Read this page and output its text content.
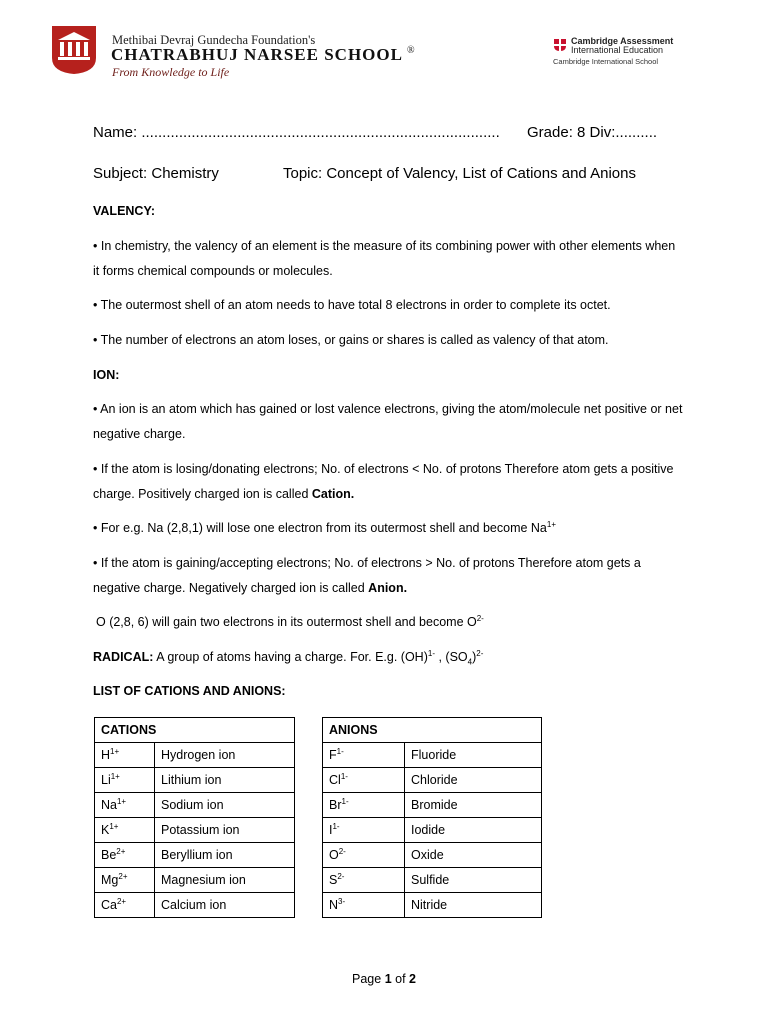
Methibai Devraj Gundecha Foundation's
CHATRABHUJ NARSEE SCHOOL ®
From Knowledge to Life
Cambridge Assessment
International Education
Cambridge International School
Name: ...................................................................................... Grade: 8 Div:..........
Subject: Chemistry	Topic: Concept of Valency, List of Cations and Anions
VALENCY:
• In chemistry, the valency of an element is the measure of its combining power with other elements when it forms chemical compounds or molecules.
• The outermost shell of an atom needs to have total 8 electrons in order to complete its octet.
• The number of electrons an atom loses, or gains or shares is called as valency of that atom.
ION:
• An ion is an atom which has gained or lost valence electrons, giving the atom/molecule net positive or net negative charge.
• If the atom is losing/donating electrons; No. of electrons < No. of protons Therefore atom gets a positive charge. Positively charged ion is called Cation.
• For e.g. Na (2,8,1) will lose one electron from its outermost shell and become $Na^{1+}$
• If the atom is gaining/accepting electrons; No. of electrons > No. of protons Therefore atom gets a negative charge. Negatively charged ion is called Anion.
O (2,8, 6) will gain two electrons in its outermost shell and become $O^{2-}$
RADICAL: A group of atoms having a charge. For. E.g. (OH)$^{1-}$ , $(SO_4)^{2-}$
LIST OF CATIONS AND ANIONS:
CATIONS	
$H^{1+}$	Hydrogen ion
$Li^{1+}$	Lithium ion
$Na^{1+}$	Sodium ion
$K^{1+}$	Potassium ion
$Be^{2+}$	Beryllium ion
$Mg^{2+}$	Magnesium ion
$Ca^{2+}$	Calcium ion
ANIONS	
$F^{1-}$	Fluoride
$Cl^{1-}$	Chloride
$Br^{1-}$	Bromide
$I^{1-}$	Iodide
$O^{2-}$	Oxide
$S^{2-}$	Sulfide
$N^{3-}$	Nitride
Page 1 of 2
